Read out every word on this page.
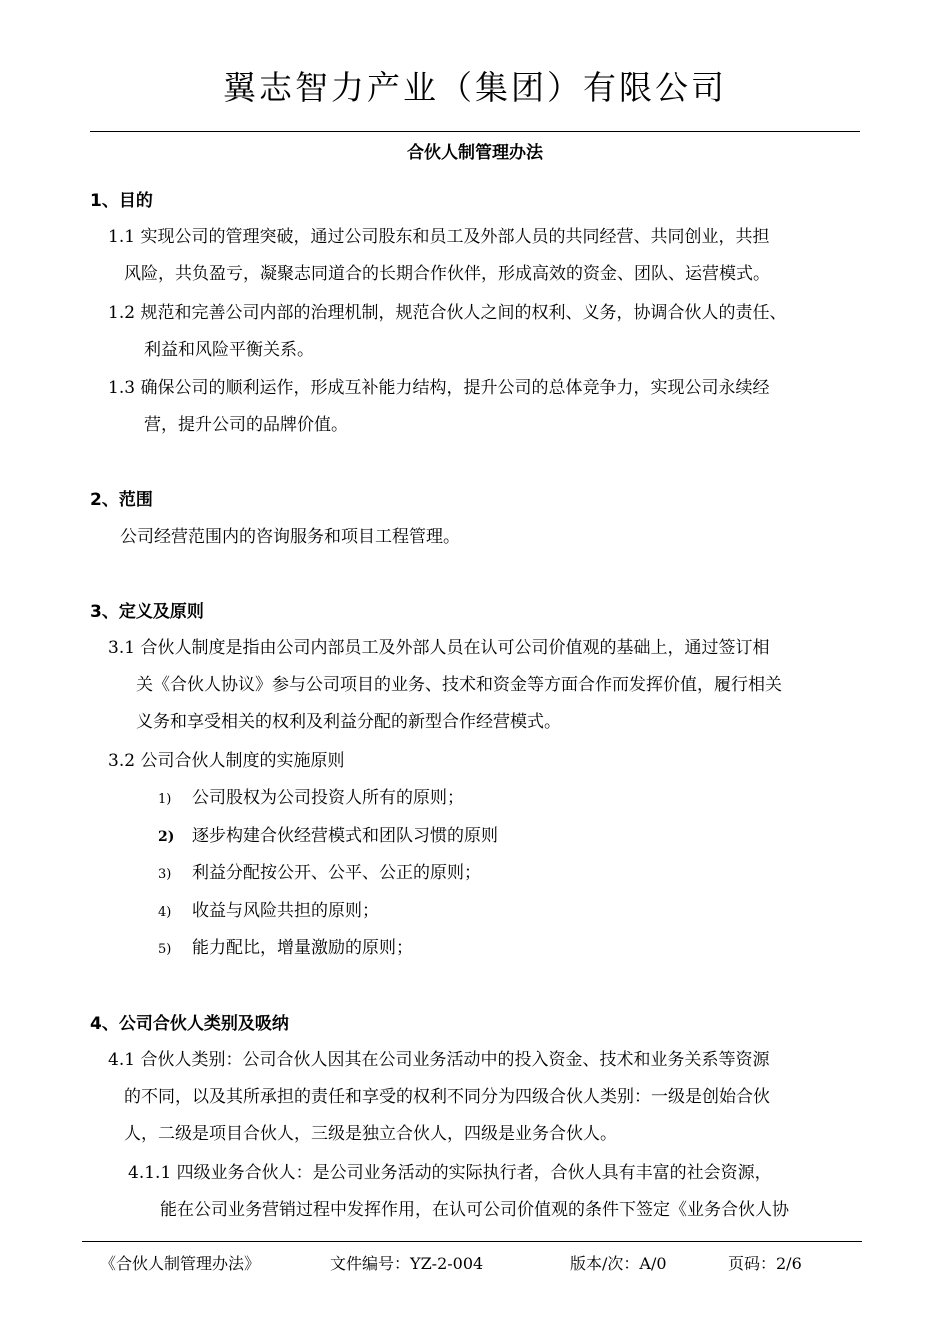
翼志智力产业（集团）有限公司
合伙人制管理办法
1、目的
1.1 实现公司的管理突破，通过公司股东和员工及外部人员的共同经营、共同创业，共担
风险，共负盈亏，凝聚志同道合的长期合作伙伴，形成高效的资金、团队、运营模式。
1.2 规范和完善公司内部的治理机制，规范合伙人之间的权利、义务，协调合伙人的责任、
利益和风险平衡关系。
1.3 确保公司的顺利运作，形成互补能力结构，提升公司的总体竞争力，实现公司永续经
营，提升公司的品牌价值。
2、范围
公司经营范围内的咨询服务和项目工程管理。
3、定义及原则
3.1 合伙人制度是指由公司内部员工及外部人员在认可公司价值观的基础上，通过签订相
关《合伙人协议》参与公司项目的业务、技术和资金等方面合作而发挥价值，履行相关
义务和享受相关的权利及利益分配的新型合作经营模式。
3.2 公司合伙人制度的实施原则
1) 公司股权为公司投资人所有的原则；
2) 逐步构建合伙经营模式和团队习惯的原则
3) 利益分配按公开、公平、公正的原则；
4) 收益与风险共担的原则；
5) 能力配比，增量激励的原则；
4、公司合伙人类别及吸纳
4.1 合伙人类别：公司合伙人因其在公司业务活动中的投入资金、技术和业务关系等资源
的不同，以及其所承担的责任和享受的权利不同分为四级合伙人类别：一级是创始合伙
人，二级是项目合伙人，三级是独立合伙人，四级是业务合伙人。
4.1.1 四级业务合伙人：是公司业务活动的实际执行者，合伙人具有丰富的社会资源，
能在公司业务营销过程中发挥作用，在认可公司价值观的条件下签定《业务合伙人协
《合伙人制管理办法》	文件编号：YZ-2-004	版本/次：A/0	页码：2/6
